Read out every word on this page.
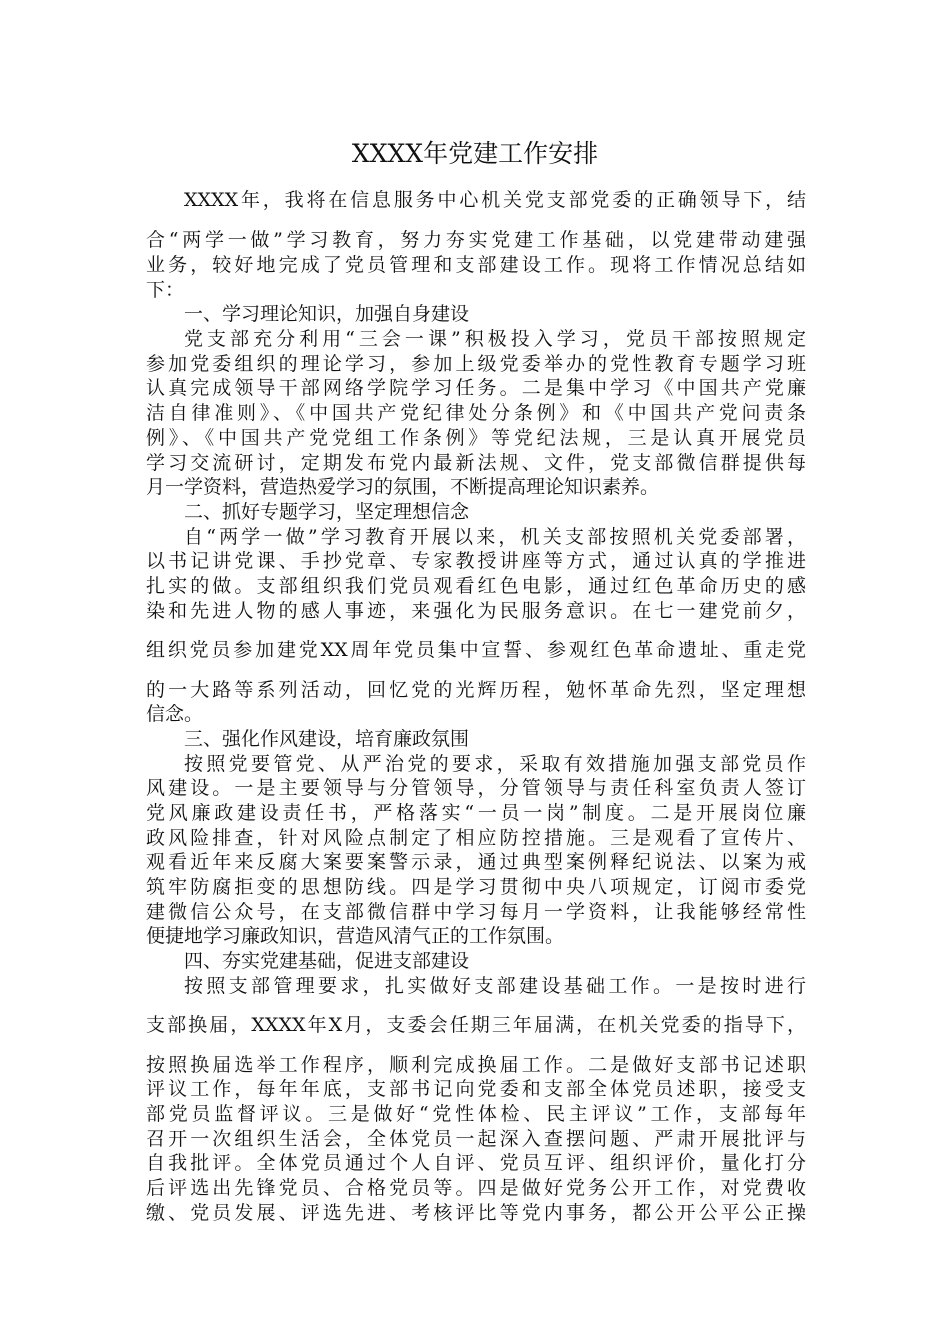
XXXX年党建工作安排
XXXX年，我将在信息服务中心机关党支部党委的正确领导下，结
合“两学一做”学习教育，努力夯实党建工作基础，以党建带动建强
业务，较好地完成了党员管理和支部建设工作。现将工作情况总结如
下：
一、学习理论知识，加强自身建设
党支部充分利用“三会一课”积极投入学习，党员干部按照规定
参加党委组织的理论学习，参加上级党委举办的党性教育专题学习班
认真完成领导干部网络学院学习任务。二是集中学习《中国共产党廉
洁自律准则》、《中国共产党纪律处分条例》和《中国共产党问责条
例》、《中国共产党党组工作条例》等党纪法规，三是认真开展党员
学习交流研讨，定期发布党内最新法规、文件，党支部微信群提供每
月一学资料，营造热爱学习的氛围，不断提高理论知识素养。
二、抓好专题学习，坚定理想信念
自“两学一做”学习教育开展以来，机关支部按照机关党委部署，
以书记讲党课、手抄党章、专家教授讲座等方式，通过认真的学推进
扎实的做。支部组织我们党员观看红色电影，通过红色革命历史的感
染和先进人物的感人事迹，来强化为民服务意识。在七一建党前夕，
组织党员参加建党XX周年党员集中宣誓、参观红色革命遗址、重走党
的一大路等系列活动，回忆党的光辉历程，勉怀革命先烈，坚定理想
信念。
三、强化作风建设，培育廉政氛围
按照党要管党、从严治党的要求，采取有效措施加强支部党员作
风建设。一是主要领导与分管领导，分管领导与责任科室负责人签订
党风廉政建设责任书，严格落实“一员一岗”制度。二是开展岗位廉
政风险排查，针对风险点制定了相应防控措施。三是观看了宣传片、
观看近年来反腐大案要案警示录，通过典型案例释纪说法、以案为戒
筑牢防腐拒变的思想防线。四是学习贯彻中央八项规定，订阅市委党
建微信公众号，在支部微信群中学习每月一学资料，让我能够经常性
便捷地学习廉政知识，营造风清气正的工作氛围。
四、夯实党建基础，促进支部建设
按照支部管理要求，扎实做好支部建设基础工作。一是按时进行
支部换届，XXXX年X月，支委会任期三年届满，在机关党委的指导下，
按照换届选举工作程序，顺利完成换届工作。二是做好支部书记述职
评议工作，每年年底，支部书记向党委和支部全体党员述职，接受支
部党员监督评议。三是做好“党性体检、民主评议”工作，支部每年
召开一次组织生活会，全体党员一起深入查摆问题、严肃开展批评与
自我批评。全体党员通过个人自评、党员互评、组织评价，量化打分
后评选出先锋党员、合格党员等。四是做好党务公开工作，对党费收
缴、党员发展、评选先进、考核评比等党内事务，都公开公平公正操
